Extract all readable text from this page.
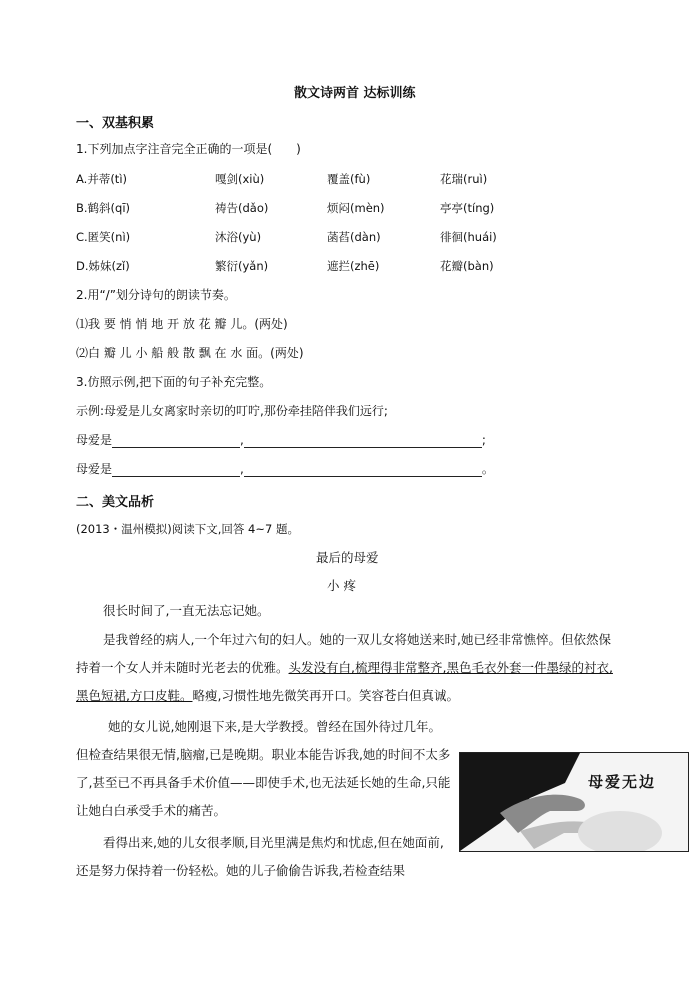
散文诗两首 达标训练
一、双基积累
1.下列加点字注音完全正确的一项是(　　)
A.并蒂(tì)	嘎剑(xiù)	覆盖(fù)	花瑞(ruì)
B.鹤斜(qī)	祷告(dǎo)	烦闷(mèn)	亭亭(tíng)
C.匿笑(nì)	沐浴(yù)	菡萏(dàn)	徘徊(huái)
D.姊妹(zǐ)	繁衍(yǎn)	遮拦(zhē)	花瓣(bàn)
2.用“/”划分诗句的朗读节奏。
⑴我 要 悄 悄 地 开 放 花 瓣 儿。(两处)
⑵白 瓣 儿 小 船 般 散 飘 在 水 面。(两处)
3.仿照示例,把下面的句子补充完整。
示例:母爱是儿女离家时亲切的叮咛,那份牵挂陪伴我们远行;
母爱是	,	;
母爱是	,	。
二、美文品析
(2013・温州模拟)阅读下文,回答 4~7 题。
最后的母爱
小 疼
很长时间了,一直无法忘记她。
是我曾经的病人,一个年过六旬的妇人。她的一双儿女将她送来时,她已经非常憔悴。但依然保持着一个女人并未随时光老去的优雅。头发没有白,梳理得非常整齐,黑色毛衣外套一件墨绿的衬衣,黑色短裙,方口皮鞋。略瘦,习惯性地先微笑再开口。笑容苍白但真诚。
她的女儿说,她刚退下来,是大学教授。曾经在国外待过几年。但检查结果很无情,脑瘤,已是晚期。职业本能告诉我,她的时间不太多了,甚至已不再具备手术价值——即使手术,也无法延长她的生命,只能让她白白承受手术的痛苦。
看得出来,她的儿女很孝顺,目光里满是焦灼和忧虑,但在她面前,还是努力保持着一份轻松。她的儿子偷偷告诉我,若检查结果
母爱无边
